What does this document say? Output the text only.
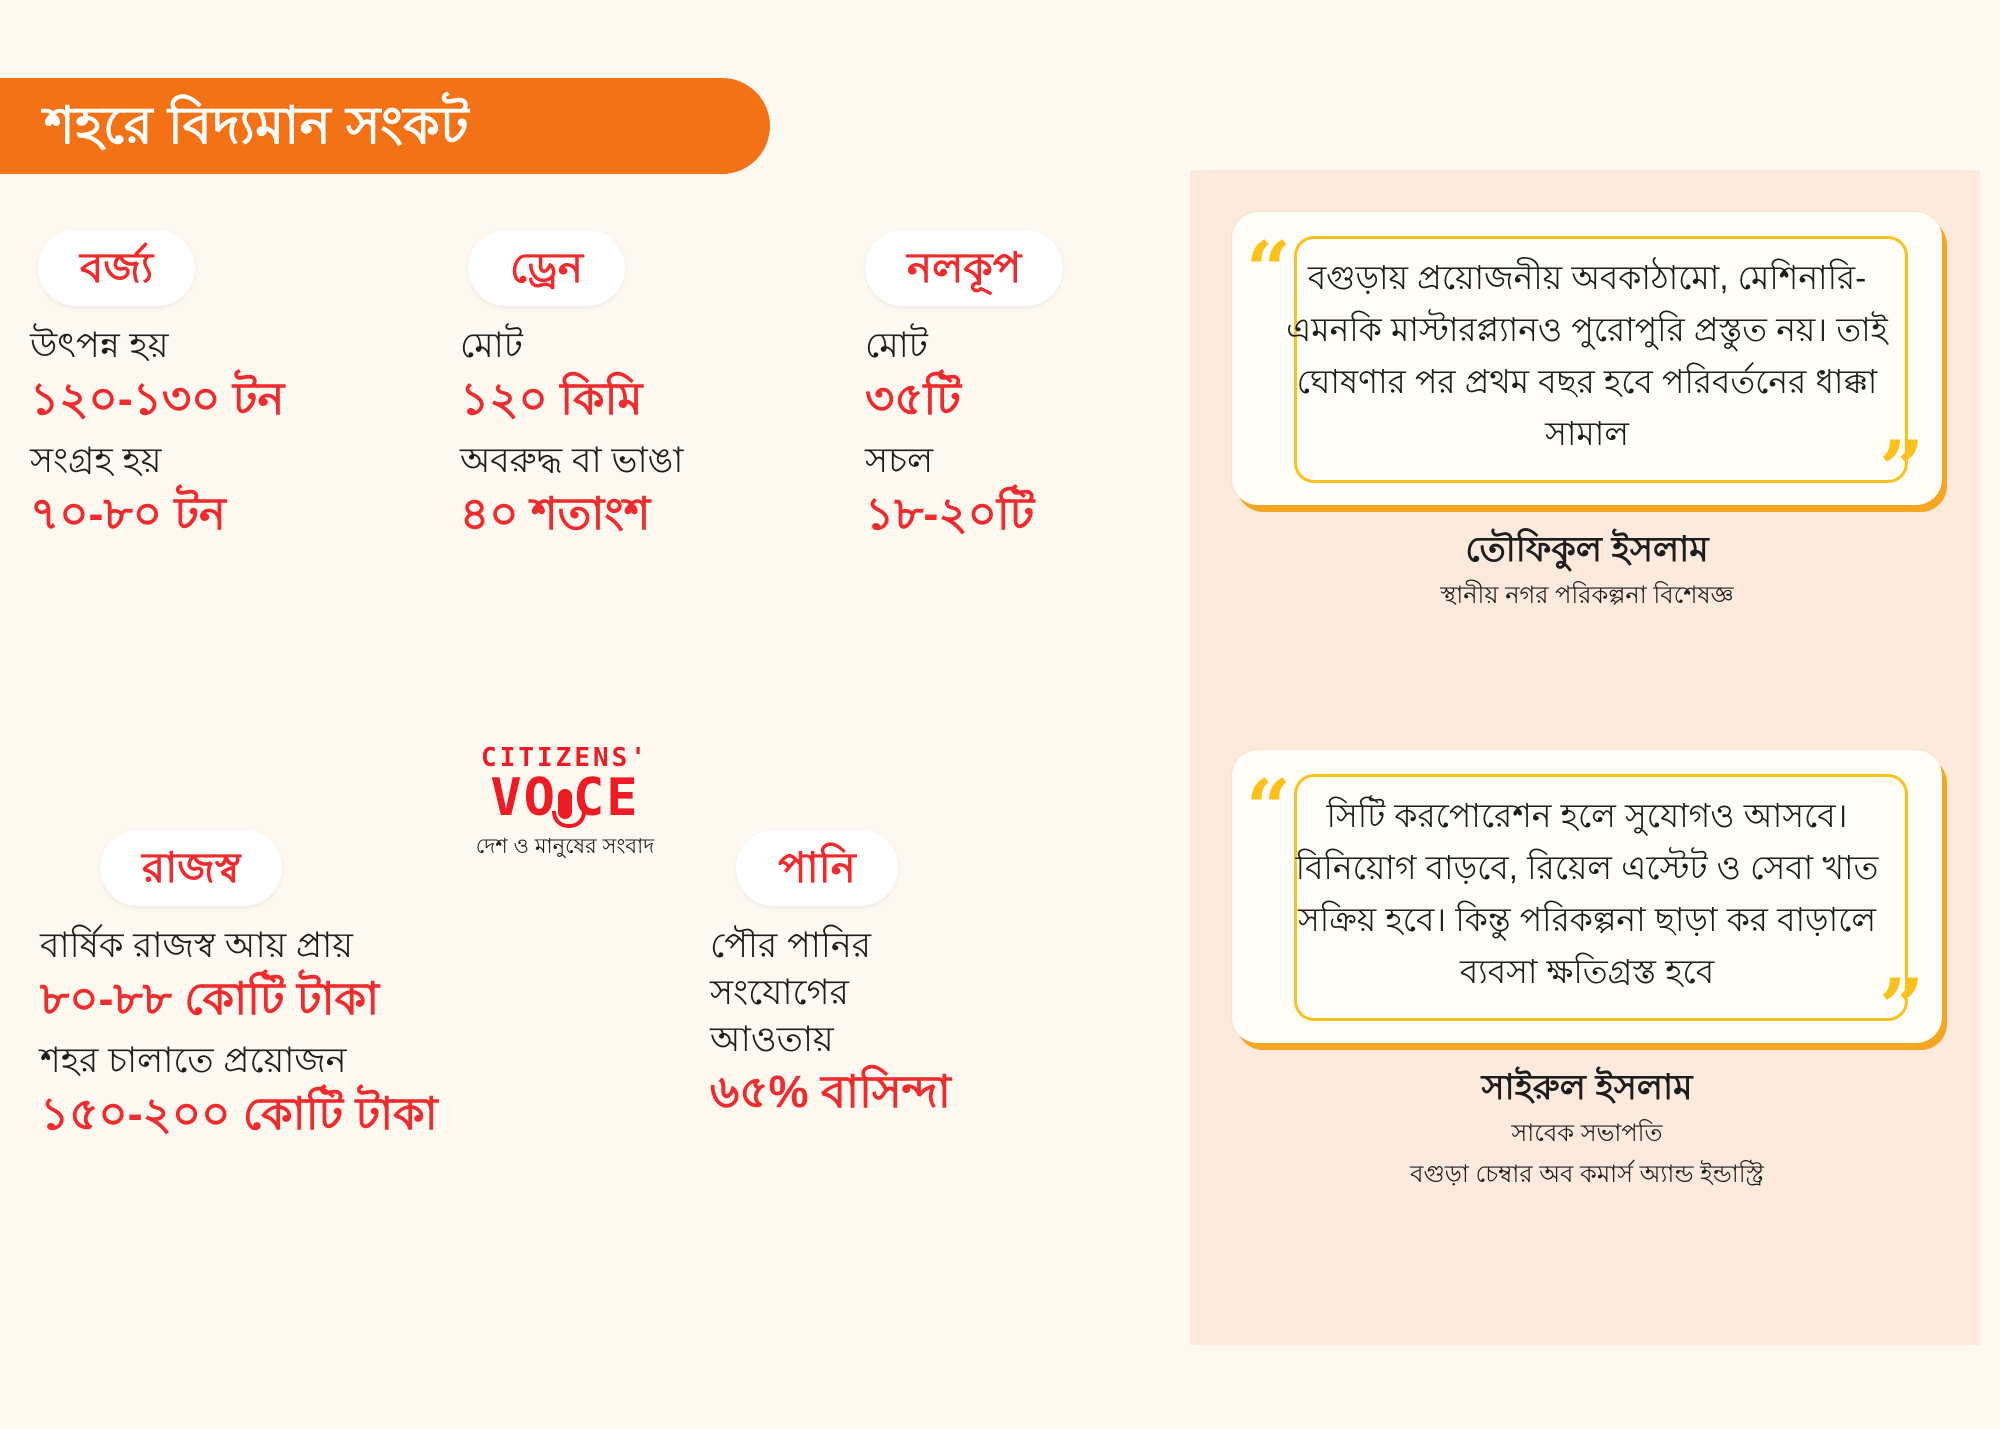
শহরে বিদ্যমান সংকট
বর্জ্য
উৎপন্ন হয়
১২০-১৩০ টন
সংগ্রহ হয়
৭০-৮০ টন
ড্রেন
মোট
১২০ কিমি
অবরুদ্ধ বা ভাঙা
৪০ শতাংশ
নলকূপ
মোট
৩৫টি
সচল
১৮-২০টি
রাজস্ব
বার্ষিক রাজস্ব আয় প্রায়
৮০-৮৮ কোটি টাকা
শহর চালাতে প্রয়োজন
১৫০-২০০ কোটি টাকা
পানি
পৌর পানির
সংযোগের
আওতায়
৬৫% বাসিন্দা
CITIZENS'
VO CE
দেশ ও মানুষের সংবাদ
“ বগুড়ায় প্রয়োজনীয় অবকাঠামো, মেশিনারি-এমনকি মাস্টারপ্ল্যানও পুরোপুরি প্রস্তুত নয়। তাই ঘোষণার পর প্রথম বছর হবে পরিবর্তনের ধাক্কা সামাল	”
তৌফিকুল ইসলাম
স্থানীয় নগর পরিকল্পনা বিশেষজ্ঞ
“	সিটি করপোরেশন হলে সুযোগও আসবে। বিনিয়োগ বাড়বে, রিয়েল এস্টেট ও সেবা খাত সক্রিয় হবে। কিন্তু পরিকল্পনা ছাড়া কর বাড়ালে ব্যবসা ক্ষতিগ্রস্ত হবে	”
সাইরুল ইসলাম
সাবেক সভাপতি
বগুড়া চেম্বার অব কমার্স অ্যান্ড ইন্ডাস্ট্রি
